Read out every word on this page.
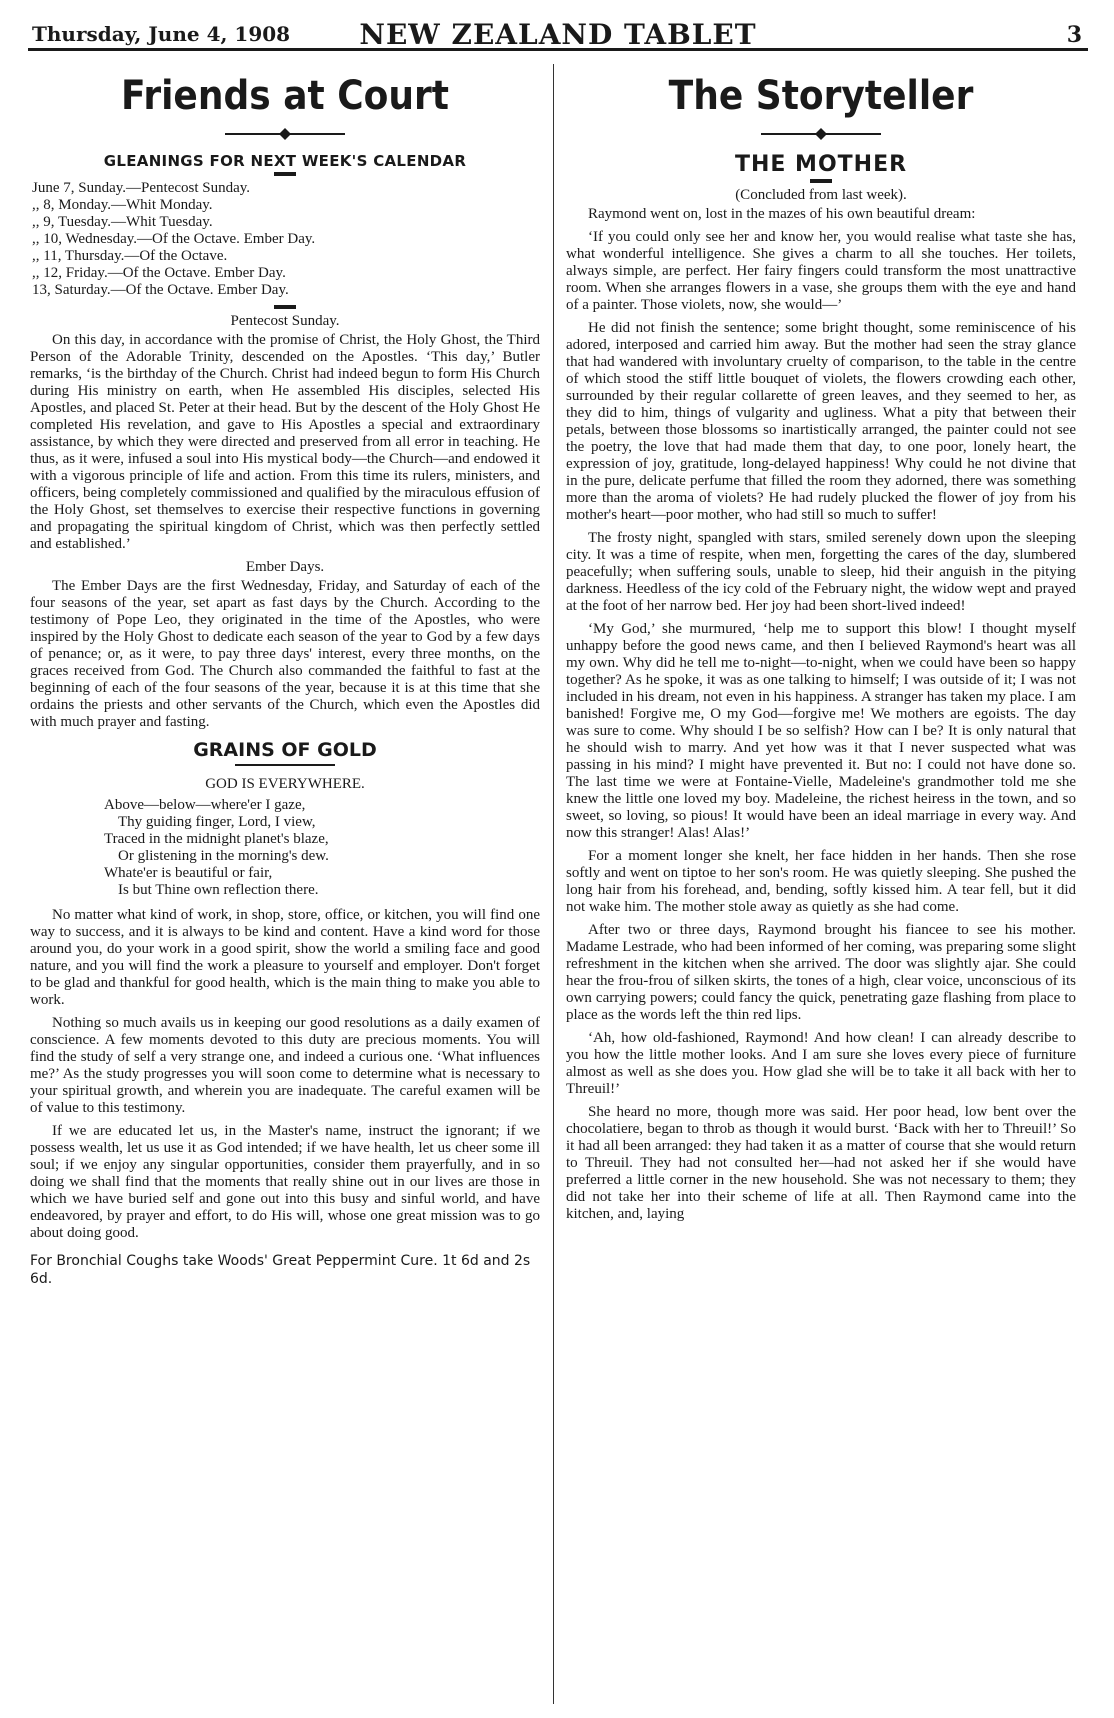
Thursday, June 4, 1908	NEW ZEALAND TABLET	3
Friends at Court
GLEANINGS FOR NEXT WEEK'S CALENDAR
June 7, Sunday.—Pentecost Sunday.
,, 8, Monday.—Whit Monday.
,, 9, Tuesday.—Whit Tuesday.
,, 10, Wednesday.—Of the Octave. Ember Day.
,, 11, Thursday.—Of the Octave.
,, 12, Friday.—Of the Octave. Ember Day.
13, Saturday.—Of the Octave. Ember Day.
Pentecost Sunday.

On this day, in accordance with the promise of Christ, the Holy Ghost, the Third Person of the Adorable Trinity, descended on the Apostles. ‘This day,’ Butler remarks, ‘is the birthday of the Church. Christ had indeed begun to form His Church during His ministry on earth, when He assembled His disciples, selected His Apostles, and placed St. Peter at their head. But by the descent of the Holy Ghost He completed His revelation, and gave to His Apostles a special and extraordinary assistance, by which they were directed and preserved from all error in teaching. He thus, as it were, infused a soul into His mystical body—the Church—and endowed it with a vigorous principle of life and action. From this time its rulers, ministers, and officers, being completely commissioned and qualified by the miraculous effusion of the Holy Ghost, set themselves to exercise their respective functions in governing and propagating the spiritual kingdom of Christ, which was then perfectly settled and established.’

Ember Days.

The Ember Days are the first Wednesday, Friday, and Saturday of each of the four seasons of the year, set apart as fast days by the Church. According to the testimony of Pope Leo, they originated in the time of the Apostles, who were inspired by the Holy Ghost to dedicate each season of the year to God by a few days of penance; or, as it were, to pay three days' interest, every three months, on the graces received from God. The Church also commanded the faithful to fast at the beginning of each of the four seasons of the year, because it is at this time that she ordains the priests and other servants of the Church, which even the Apostles did with much prayer and fasting.

GRAINS OF GOLD
GOD IS EVERYWHERE.
Above—below—where'er I gaze,
Thy guiding finger, Lord, I view,
Traced in the midnight planet's blaze,
Or glistening in the morning's dew.
Whate'er is beautiful or fair,
Is but Thine own reflection there.

No matter what kind of work, in shop, store, office, or kitchen, you will find one way to success, and it is always to be kind and content. Have a kind word for those around you, do your work in a good spirit, show the world a smiling face and good nature, and you will find the work a pleasure to yourself and employer. Don't forget to be glad and thankful for good health, which is the main thing to make you able to work.

Nothing so much avails us in keeping our good resolutions as a daily examen of conscience. A few moments devoted to this duty are precious moments. You will find the study of self a very strange one, and indeed a curious one. ‘What influences me?’ As the study progresses you will soon come to determine what is necessary to your spiritual growth, and wherein you are inadequate. The careful examen will be of value to this testimony.

If we are educated let us, in the Master's name, instruct the ignorant; if we possess wealth, let us use it as God intended; if we have health, let us cheer some ill soul; if we enjoy any singular opportunities, consider them prayerfully, and in so doing we shall find that the moments that really shine out in our lives are those in which we have buried self and gone out into this busy and sinful world, and have endeavored, by prayer and effort, to do His will, whose one great mission was to go about doing good.

For Bronchial Coughs take Woods' Great Peppermint Cure. 1t 6d and 2s 6d.
The Storyteller
THE MOTHER
(Concluded from last week).

Raymond went on, lost in the mazes of his own beautiful dream:

‘If you could only see her and know her, you would realise what taste she has, what wonderful intelligence. She gives a charm to all she touches. Her toilets, always simple, are perfect. Her fairy fingers could transform the most unattractive room. When she arranges flowers in a vase, she groups them with the eye and hand of a painter. Those violets, now, she would—’

He did not finish the sentence; some bright thought, some reminiscence of his adored, interposed and carried him away. But the mother had seen the stray glance that had wandered with involuntary cruelty of comparison, to the table in the centre of which stood the stiff little bouquet of violets, the flowers crowding each other, surrounded by their regular collarette of green leaves, and they seemed to her, as they did to him, things of vulgarity and ugliness. What a pity that between their petals, between those blossoms so inartistically arranged, the painter could not see the poetry, the love that had made them that day, to one poor, lonely heart, the expression of joy, gratitude, long-delayed happiness! Why could he not divine that in the pure, delicate perfume that filled the room they adorned, there was something more than the aroma of violets? He had rudely plucked the flower of joy from his mother's heart—poor mother, who had still so much to suffer!

The frosty night, spangled with stars, smiled serenely down upon the sleeping city. It was a time of respite, when men, forgetting the cares of the day, slumbered peacefully; when suffering souls, unable to sleep, hid their anguish in the pitying darkness. Heedless of the icy cold of the February night, the widow wept and prayed at the foot of her narrow bed. Her joy had been short-lived indeed!

‘My God,’ she murmured, ‘help me to support this blow! I thought myself unhappy before the good news came, and then I believed Raymond's heart was all my own. Why did he tell me to-night—to-night, when we could have been so happy together? As he spoke, it was as one talking to himself; I was outside of it; I was not included in his dream, not even in his happiness. A stranger has taken my place. I am banished! Forgive me, O my God—forgive me! We mothers are egoists. The day was sure to come. Why should I be so selfish? How can I be? It is only natural that he should wish to marry. And yet how was it that I never suspected what was passing in his mind? I might have prevented it. But no: I could not have done so. The last time we were at Fontaine-Vielle, Madeleine's grandmother told me she knew the little one loved my boy. Madeleine, the richest heiress in the town, and so sweet, so loving, so pious! It would have been an ideal marriage in every way. And now this stranger! Alas! Alas!’

For a moment longer she knelt, her face hidden in her hands. Then she rose softly and went on tiptoe to her son's room. He was quietly sleeping. She pushed the long hair from his forehead, and, bending, softly kissed him. A tear fell, but it did not wake him. The mother stole away as quietly as she had come.

After two or three days, Raymond brought his fiancee to see his mother. Madame Lestrade, who had been informed of her coming, was preparing some slight refreshment in the kitchen when she arrived. The door was slightly ajar. She could hear the frou-frou of silken skirts, the tones of a high, clear voice, unconscious of its own carrying powers; could fancy the quick, penetrating gaze flashing from place to place as the words left the thin red lips.

‘Ah, how old-fashioned, Raymond! And how clean! I can already describe to you how the little mother looks. And I am sure she loves every piece of furniture almost as well as she does you. How glad she will be to take it all back with her to Threuil!’

She heard no more, though more was said. Her poor head, low bent over the chocolatiere, began to throb as though it would burst. ‘Back with her to Threuil!’ So it had all been arranged: they had taken it as a matter of course that she would return to Threuil. They had not consulted her—had not asked her if she would have preferred a little corner in the new household. She was not necessary to them; they did not take her into their scheme of life at all. Then Raymond came into the kitchen, and, laying
